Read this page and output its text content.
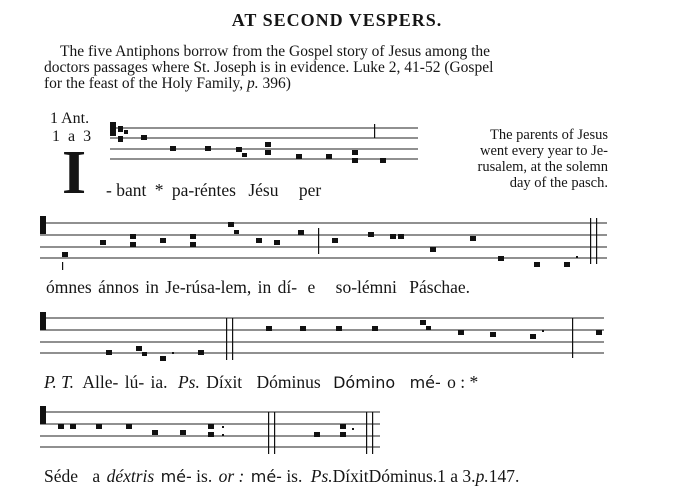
AT SECOND VESPERS.
The five Antiphons borrow from the Gospel story of Jesus among the
doctors passages where St. Joseph is in evidence. Luke 2, 41-52 (Gospel
for the feast of the Holy Family, p. 396)
1 Ant.
1 a 3
I
The parents of Jesus
went every year to Je-
rusalem, at the solemn
day of the pasch.
- bant * pa-réntes Jésu per
ómnes ánnos in Je-rúsa-lem, in dí- e so-lémni Páschae.
P. T. Alle- lú- ia. Ps. Díxit Dóminus Dómino mé- o : *
Séde a déxtris mé- is. or : mé- is. Ps.DíxitDóminus.1 a 3.p.147.
